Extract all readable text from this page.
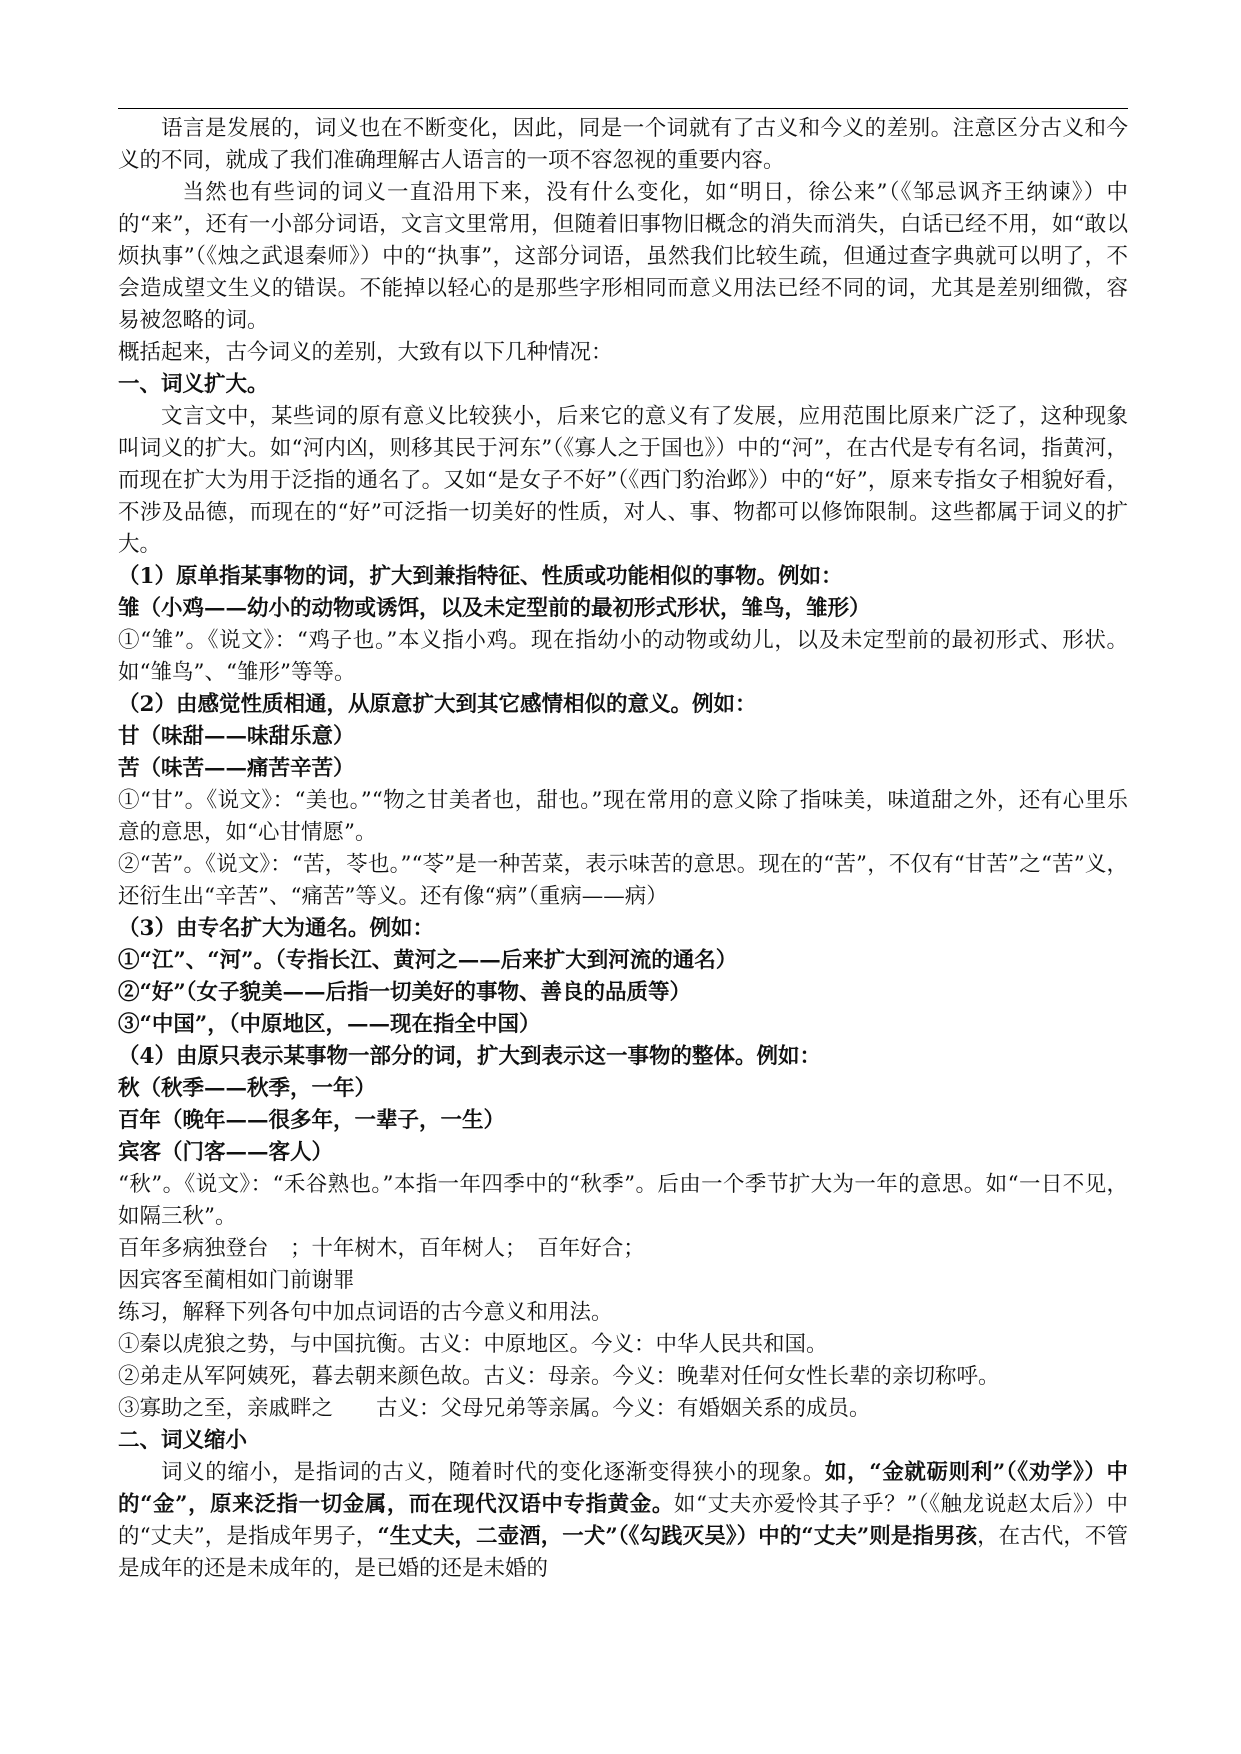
语言是发展的，词义也在不断变化，因此，同是一个词就有了古义和今义的差别。注意区分古义和今义的不同，就成了我们准确理解古人语言的一项不容忽视的重要内容。

当然也有些词的词义一直沿用下来，没有什么变化，如“明日，徐公来”（《邹忌讽齐王纳谏》）中的“来”，还有一小部分词语，文言文里常用，但随着旧事物旧概念的消失而消失，白话已经不用，如“敢以烦执事”（《烛之武退秦师》）中的“执事”，这部分词语，虽然我们比较生疏，但通过查字典就可以明了，不会造成望文生义的错误。不能掉以轻心的是那些字形相同而意义用法已经不同的词，尤其是差别细微，容易被忽略的词。

概括起来，古今词义的差别，大致有以下几种情况：

一、词义扩大。

文言文中，某些词的原有意义比较狭小，后来它的意义有了发展，应用范围比原来广泛了，这种现象叫词义的扩大。如“河内凶，则移其民于河东”（《寡人之于国也》）中的“河”，在古代是专有名词，指黄河，而现在扩大为用于泛指的通名了。又如“是女子不好”（《西门豹治邺》）中的“好”，原来专指女子相貌好看，不涉及品德，而现在的“好”可泛指一切美好的性质，对人、事、物都可以修饰限制。这些都属于词义的扩大。

（1）原单指某事物的词，扩大到兼指特征、性质或功能相似的事物。例如：

雏（小鸡——幼小的动物或诱饵，以及未定型前的最初形式形状，雏鸟，雏形）

①“雏”。《说文》：“鸡子也。”本义指小鸡。现在指幼小的动物或幼儿，以及未定型前的最初形式、形状。如“雏鸟”、“雏形”等等。

（2）由感觉性质相通，从原意扩大到其它感情相似的意义。例如：

甘（味甜——味甜乐意）

苦（味苦——痛苦辛苦）

①“甘”。《说文》：“美也。”“物之甘美者也，甜也。”现在常用的意义除了指味美，味道甜之外，还有心里乐意的意思，如“心甘情愿”。

②“苦”。《说文》：“苦，苓也。”“苓”是一种苦菜，表示味苦的意思。现在的“苦”，不仅有“甘苦”之“苦”义，还衍生出“辛苦”、“痛苦”等义。还有像“病”（重病——病）

（3）由专名扩大为通名。例如：

①“江”、“河”。（专指长江、黄河之——后来扩大到河流的通名）

②“好”（女子貌美——后指一切美好的事物、善良的品质等）

③“中国”，（中原地区，——现在指全中国）

（4）由原只表示某事物一部分的词，扩大到表示这一事物的整体。例如：

秋（秋季——秋季，一年）

百年（晚年——很多年，一辈子，一生）

宾客（门客——客人）

“秋”。《说文》：“禾谷熟也。”本指一年四季中的“秋季”。后由一个季节扩大为一年的意思。如“一日不见，如隔三秋”。

百年多病独登台　；十年树木，百年树人；　百年好合；

因宾客至蔺相如门前谢罪

练习，解释下列各句中加点词语的古今意义和用法。

①秦以虎狼之势，与中国抗衡。古义：中原地区。今义：中华人民共和国。

②弟走从军阿姨死，暮去朝来颜色故。古义：母亲。今义：晚辈对任何女性长辈的亲切称呼。

③寡助之至，亲戚畔之　　古义：父母兄弟等亲属。今义：有婚姻关系的成员。

二、词义缩小

词义的缩小，是指词的古义，随着时代的变化逐渐变得狭小的现象。如，“金就砺则利”（《劝学》）中的“金”，原来泛指一切金属，而在现代汉语中专指黄金。如“丈夫亦爱怜其子乎？”（《触龙说赵太后》）中的“丈夫”，是指成年男子，“生丈夫，二壶酒，一犬”（《勾践灭吴》）中的“丈夫”则是指男孩，在古代，不管是成年的还是未成年的，是已婚的还是未婚的
